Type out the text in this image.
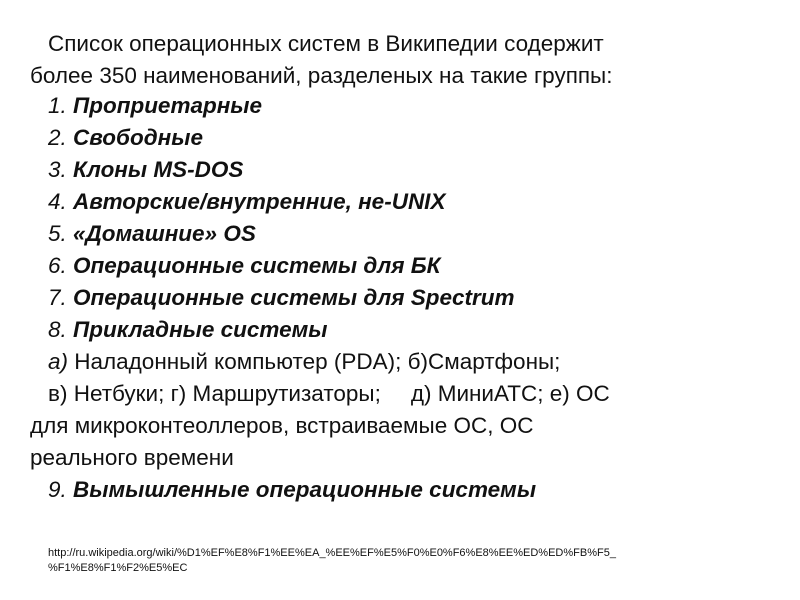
Список операционных систем в Википедии содержит
более 350 наименований, разделеных на такие группы:
1. Проприетарные
2. Свободные
3. Клоны MS-DOS
4. Авторские/внутренние, не-UNIX
5. «Домашние» OS
6. Операционные системы для БК
7. Операционные системы для Spectrum
8. Прикладные системы
а) Наладонный компьютер (PDA); б)Смартфоны;
в) Нетбуки; г) Маршрутизаторы; д) МиниАТС; е) ОС
для микроконтеоллеров, встраиваемые ОС, ОС
реального времени
9. Вымышленные операционные системы
http://ru.wikipedia.org/wiki/%D1%EF%E8%F1%EE%EA_%EE%EF%E5%F0%E0%F6%E8%EE%ED%ED%FB%F5_
%F1%E8%F1%F2%E5%EC
